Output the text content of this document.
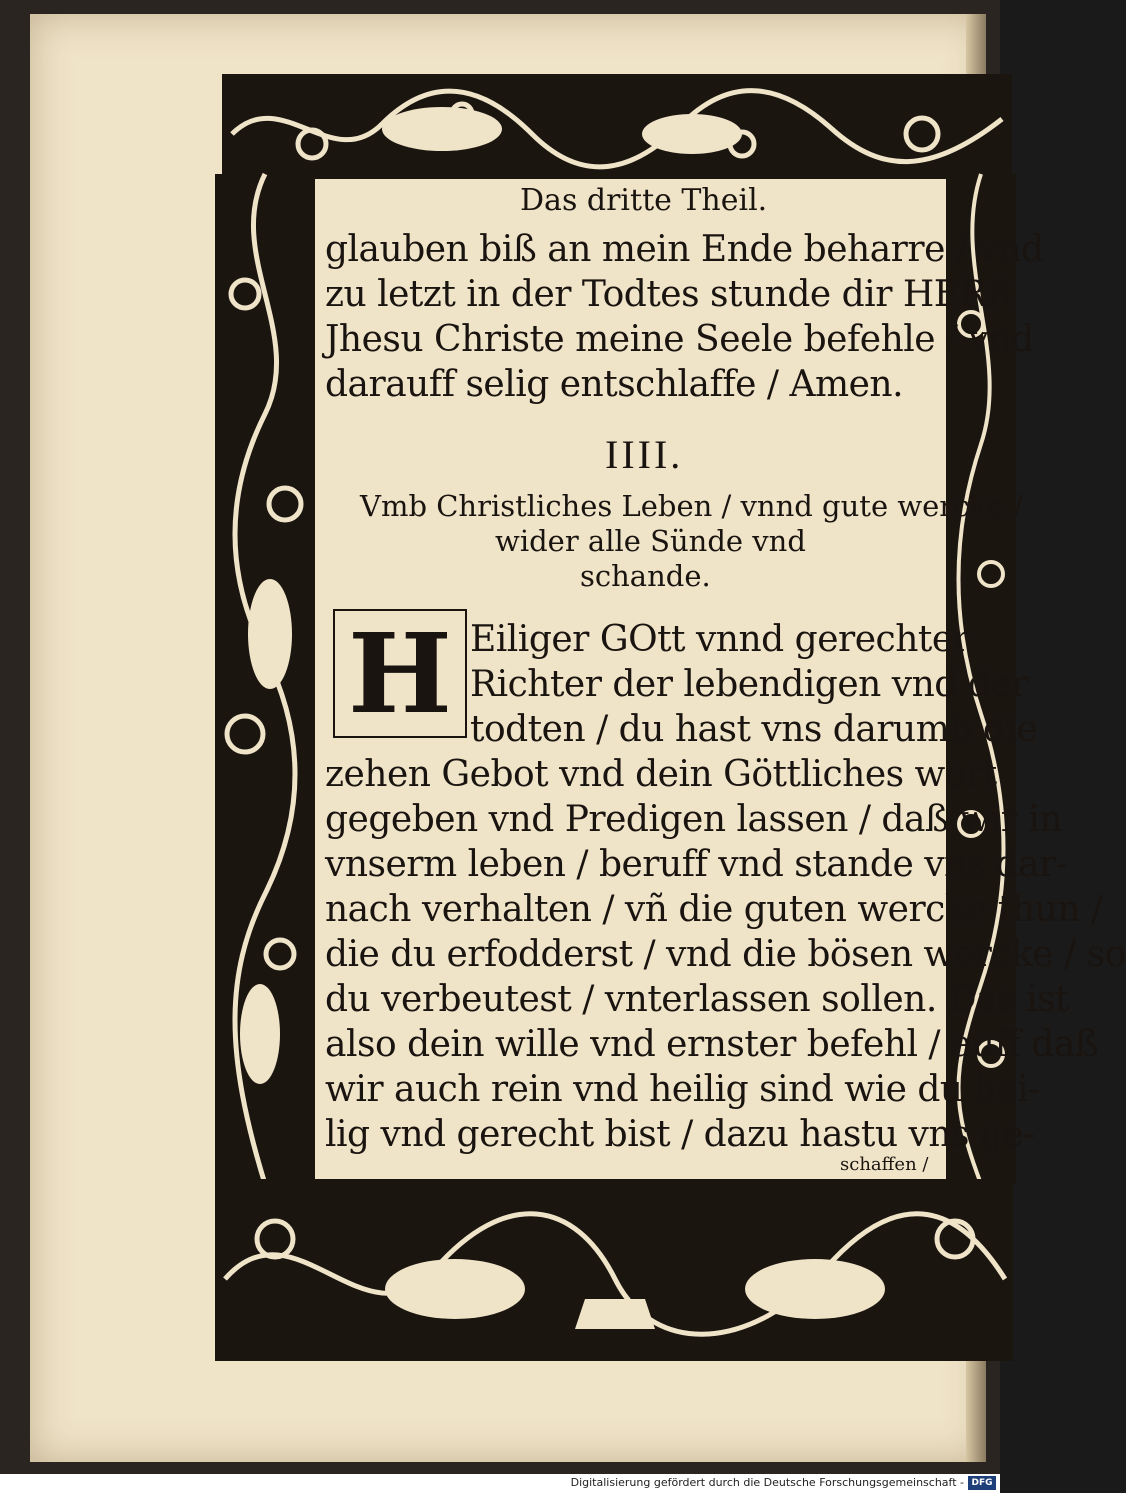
Das dritte Theil.
glauben biß an mein Ende beharre / vnd
zu letzt in der Todtes stunde dir HERR
Jhesu Christe meine Seele befehle / vnd
darauff selig entschlaffe / Amen.
IIII.
Vmb Christliches Leben / vnnd gute wercke /
wider alle Sünde vnd
schande.
H Eiliger GOtt vnnd gerechter
Richter der lebendigen vnd der
todten / du hast vns darumb die
zehen Gebot vnd dein Göttliches wort
gegeben vnd Predigen lassen / daß wir in
vnserm leben / beruff vnd stande vns dar-
nach verhalten / vñ die guten wercke thun /
die du erfodderst / vnd die bösen wercke / so
du verbeutest / vnterlassen sollen. Das ist
also dein wille vnd ernster befehl / auff daß
wir auch rein vnd heilig sind wie du hei-
lig vnd gerecht bist / dazu hastu vns ge-
schaffen /
Digitalisierung gefördert durch die Deutsche Forschungsgemeinschaft - DFG
